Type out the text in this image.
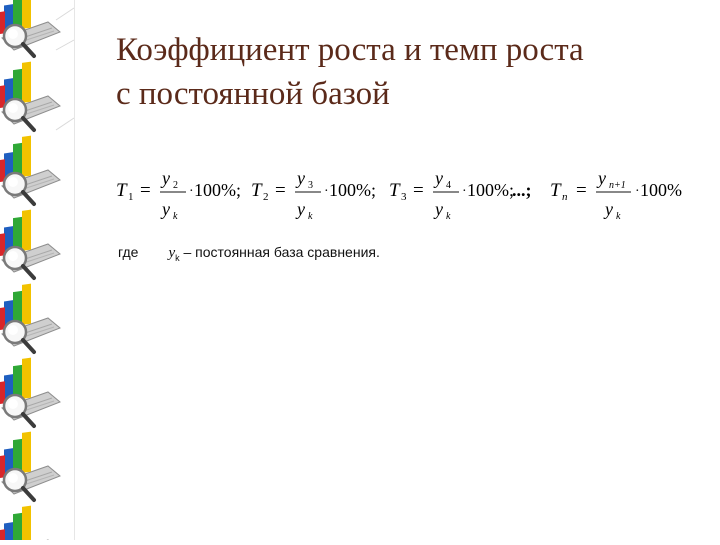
Коэффициент роста и темп роста
с постоянной базой
T 1 =
y 2
y k
· 100%; T 2 =
y 3
y k
· 100%; T 3 =
y 4
y k
· 100%;
...; T n =
y n+1
y k
· 100%
где $y_k$ – постоянная база сравнения.
